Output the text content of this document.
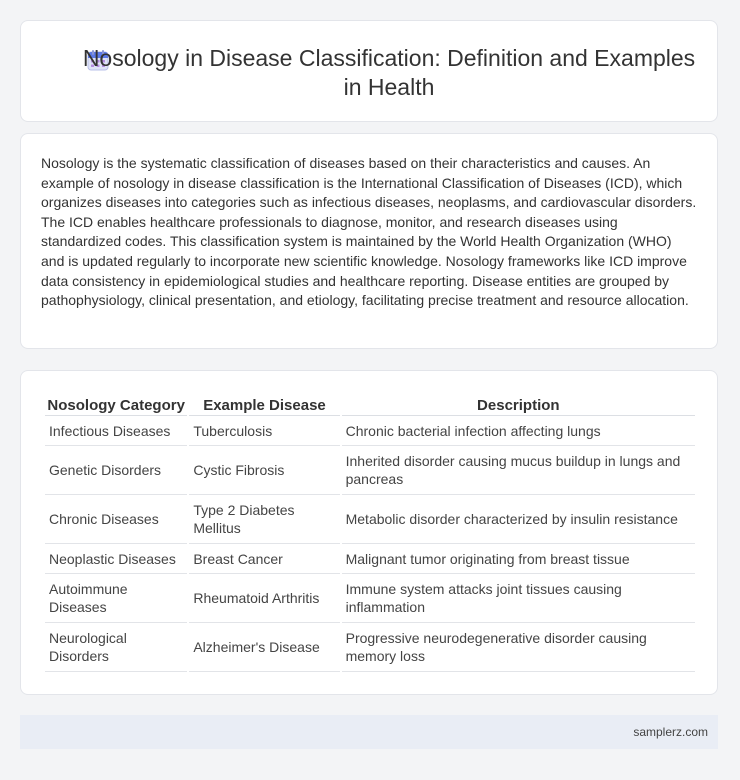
Nosology in Disease Classification: Definition and Examples in Health
Nosology is the systematic classification of diseases based on their characteristics and causes. An example of nosology in disease classification is the International Classification of Diseases (ICD), which organizes diseases into categories such as infectious diseases, neoplasms, and cardiovascular disorders. The ICD enables healthcare professionals to diagnose, monitor, and research diseases using standardized codes. This classification system is maintained by the World Health Organization (WHO) and is updated regularly to incorporate new scientific knowledge. Nosology frameworks like ICD improve data consistency in epidemiological studies and healthcare reporting. Disease entities are grouped by pathophysiology, clinical presentation, and etiology, facilitating precise treatment and resource allocation.
Nosology Category	Example Disease	Description
Infectious Diseases	Tuberculosis	Chronic bacterial infection affecting lungs
Genetic Disorders	Cystic Fibrosis	Inherited disorder causing mucus buildup in lungs and pancreas
Chronic Diseases	Type 2 Diabetes Mellitus	Metabolic disorder characterized by insulin resistance
Neoplastic Diseases	Breast Cancer	Malignant tumor originating from breast tissue
Autoimmune Diseases	Rheumatoid Arthritis	Immune system attacks joint tissues causing inflammation
Neurological Disorders	Alzheimer's Disease	Progressive neurodegenerative disorder causing memory loss
samplerz.com
